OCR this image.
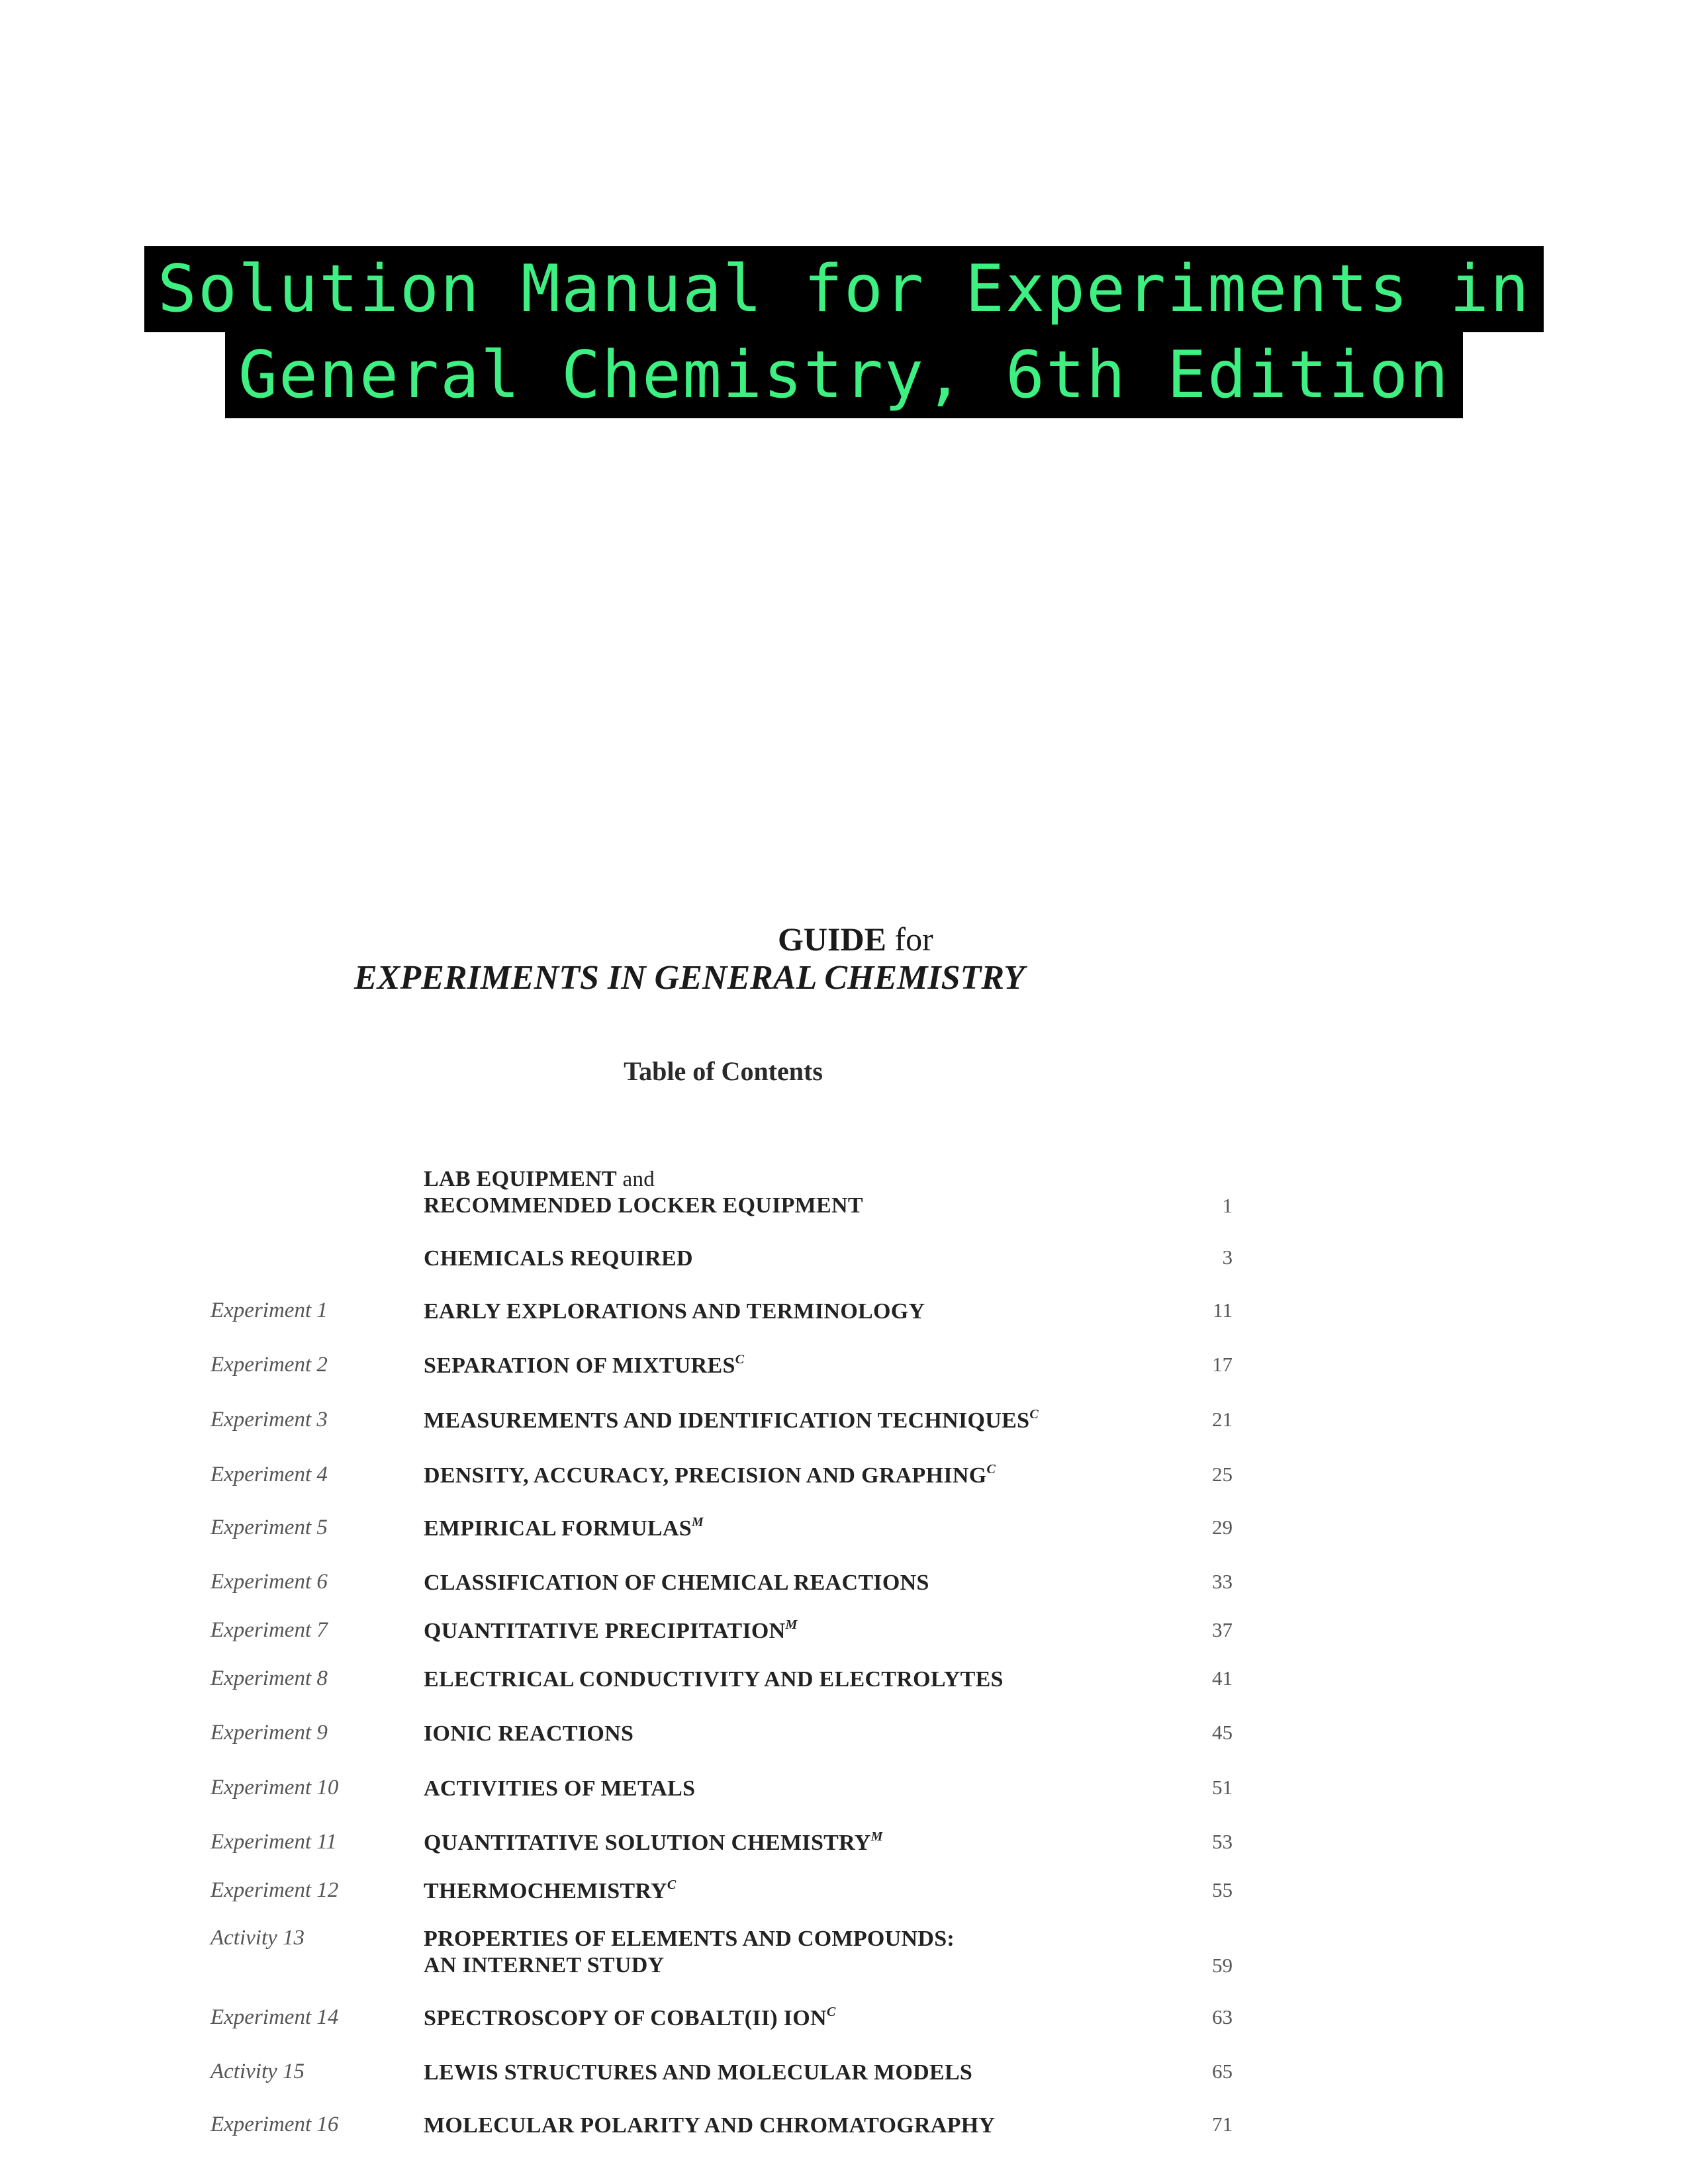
Solution Manual for Experiments in
General Chemistry, 6th Edition
GUIDE for
EXPERIMENTS IN GENERAL CHEMISTRY
Table of Contents
LAB EQUIPMENT and
RECOMMENDED LOCKER EQUIPMENT	1
CHEMICALS REQUIRED	3
Experiment 1	EARLY EXPLORATIONS AND TERMINOLOGY	11
Experiment 2	SEPARATION OF $MIXTURES^C$	17
Experiment 3	MEASUREMENTS AND IDENTIFICATION $TECHNIQUES^C$	21
Experiment 4	DENSITY, ACCURACY, PRECISION AND $GRAPHING^C$	25
Experiment 5	EMPIRICAL $FORMULAS^M$	29
Experiment 6	CLASSIFICATION OF CHEMICAL REACTIONS	33
Experiment 7	QUANTITATIVE $PRECIPITATION^M$	37
Experiment 8	ELECTRICAL CONDUCTIVITY AND ELECTROLYTES	41
Experiment 9	IONIC REACTIONS	45
Experiment 10	ACTIVITIES OF METALS	51
Experiment 11	QUANTITATIVE SOLUTION $CHEMISTRY^M$	53
Experiment 12	$THERMOCHEMISTRY^C$	55
Activity 13	PROPERTIES OF ELEMENTS AND COMPOUNDS:
AN INTERNET STUDY	59
Experiment 14	SPECTROSCOPY OF COBALT(II) $ION^C$	63
Activity 15	LEWIS STRUCTURES AND MOLECULAR MODELS	65
Experiment 16	MOLECULAR POLARITY AND CHROMATOGRAPHY	71
